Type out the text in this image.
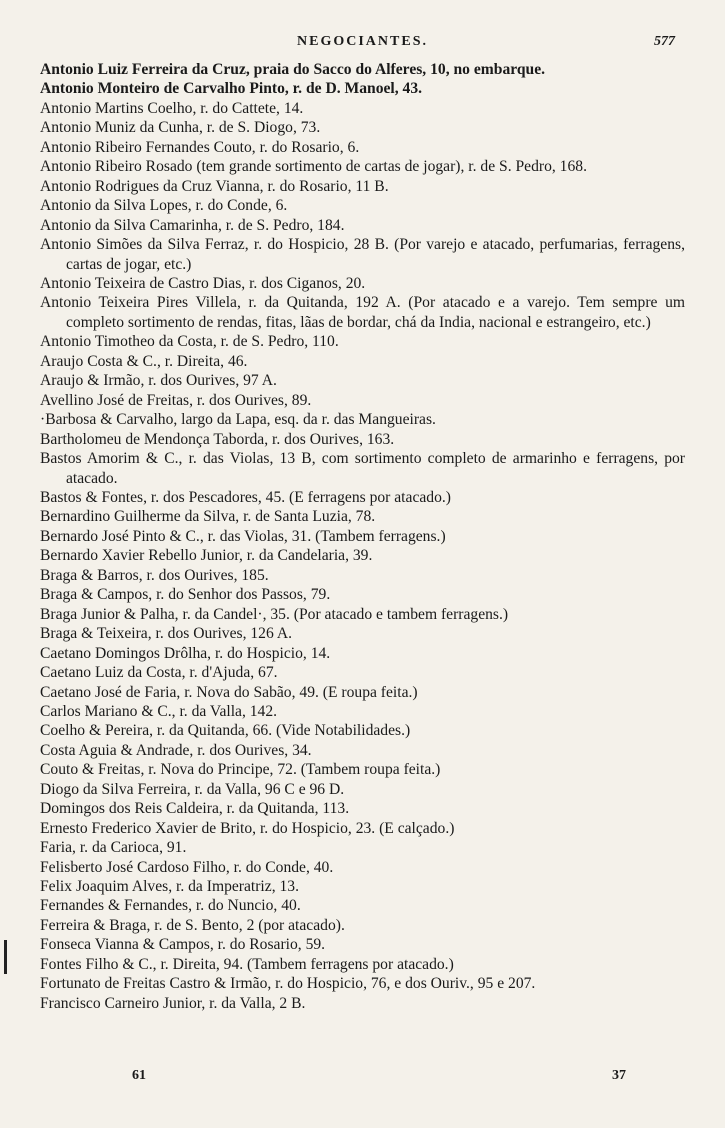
NEGOCIANTES.	577
Antonio Luiz Ferreira da Cruz, praia do Sacco do Alferes, 10, no embarque.
Antonio Monteiro de Carvalho Pinto, r. de D. Manoel, 43.
Antonio Martins Coelho, r. do Cattete, 14.
Antonio Muniz da Cunha, r. de S. Diogo, 73.
Antonio Ribeiro Fernandes Couto, r. do Rosario, 6.
Antonio Ribeiro Rosado (tem grande sortimento de cartas de jogar), r. de S. Pedro, 168.
Antonio Rodrigues da Cruz Vianna, r. do Rosario, 11 B.
Antonio da Silva Lopes, r. do Conde, 6.
Antonio da Silva Camarinha, r. de S. Pedro, 184.
Antonio Simões da Silva Ferraz, r. do Hospicio, 28 B. (Por varejo e atacado, perfumarias, ferragens, cartas de jogar, etc.)
Antonio Teixeira de Castro Dias, r. dos Ciganos, 20.
Antonio Teixeira Pires Villela, r. da Quitanda, 192 A. (Por atacado e a varejo. Tem sempre um completo sortimento de rendas, fitas, lãas de bordar, chá da India, nacional e estrangeiro, etc.)
Antonio Timotheo da Costa, r. de S. Pedro, 110.
Araujo Costa & C., r. Direita, 46.
Araujo & Irmão, r. dos Ourives, 97 A.
Avellino José de Freitas, r. dos Ourives, 89.
·Barbosa & Carvalho, largo da Lapa, esq. da r. das Mangueiras.
Bartholomeu de Mendonça Taborda, r. dos Ourives, 163.
Bastos Amorim & C., r. das Violas, 13 B, com sortimento completo de armarinho e ferragens, por atacado.
Bastos & Fontes, r. dos Pescadores, 45. (E ferragens por atacado.)
Bernardino Guilherme da Silva, r. de Santa Luzia, 78.
Bernardo José Pinto & C., r. das Violas, 31. (Tambem ferragens.)
Bernardo Xavier Rebello Junior, r. da Candelaria, 39.
Braga & Barros, r. dos Ourives, 185.
Braga & Campos, r. do Senhor dos Passos, 79.
Braga Junior & Palha, r. da Candel·, 35. (Por atacado e tambem ferragens.)
Braga & Teixeira, r. dos Ourives, 126 A.
Caetano Domingos Drôlha, r. do Hospicio, 14.
Caetano Luiz da Costa, r. d'Ajuda, 67.
Caetano José de Faria, r. Nova do Sabão, 49. (E roupa feita.)
Carlos Mariano & C., r. da Valla, 142.
Coelho & Pereira, r. da Quitanda, 66. (Vide Notabilidades.)
Costa Aguia & Andrade, r. dos Ourives, 34.
Couto & Freitas, r. Nova do Principe, 72. (Tambem roupa feita.)
Diogo da Silva Ferreira, r. da Valla, 96 C e 96 D.
Domingos dos Reis Caldeira, r. da Quitanda, 113.
Ernesto Frederico Xavier de Brito, r. do Hospicio, 23. (E calçado.)
Faria, r. da Carioca, 91.
Felisberto José Cardoso Filho, r. do Conde, 40.
Felix Joaquim Alves, r. da Imperatriz, 13.
Fernandes & Fernandes, r. do Nuncio, 40.
Ferreira & Braga, r. de S. Bento, 2 (por atacado).
Fonseca Vianna & Campos, r. do Rosario, 59.
Fontes Filho & C., r. Direita, 94. (Tambem ferragens por atacado.)
Fortunato de Freitas Castro & Irmão, r. do Hospicio, 76, e dos Ouriv., 95 e 207.
Francisco Carneiro Junior, r. da Valla, 2 B.
61	37
